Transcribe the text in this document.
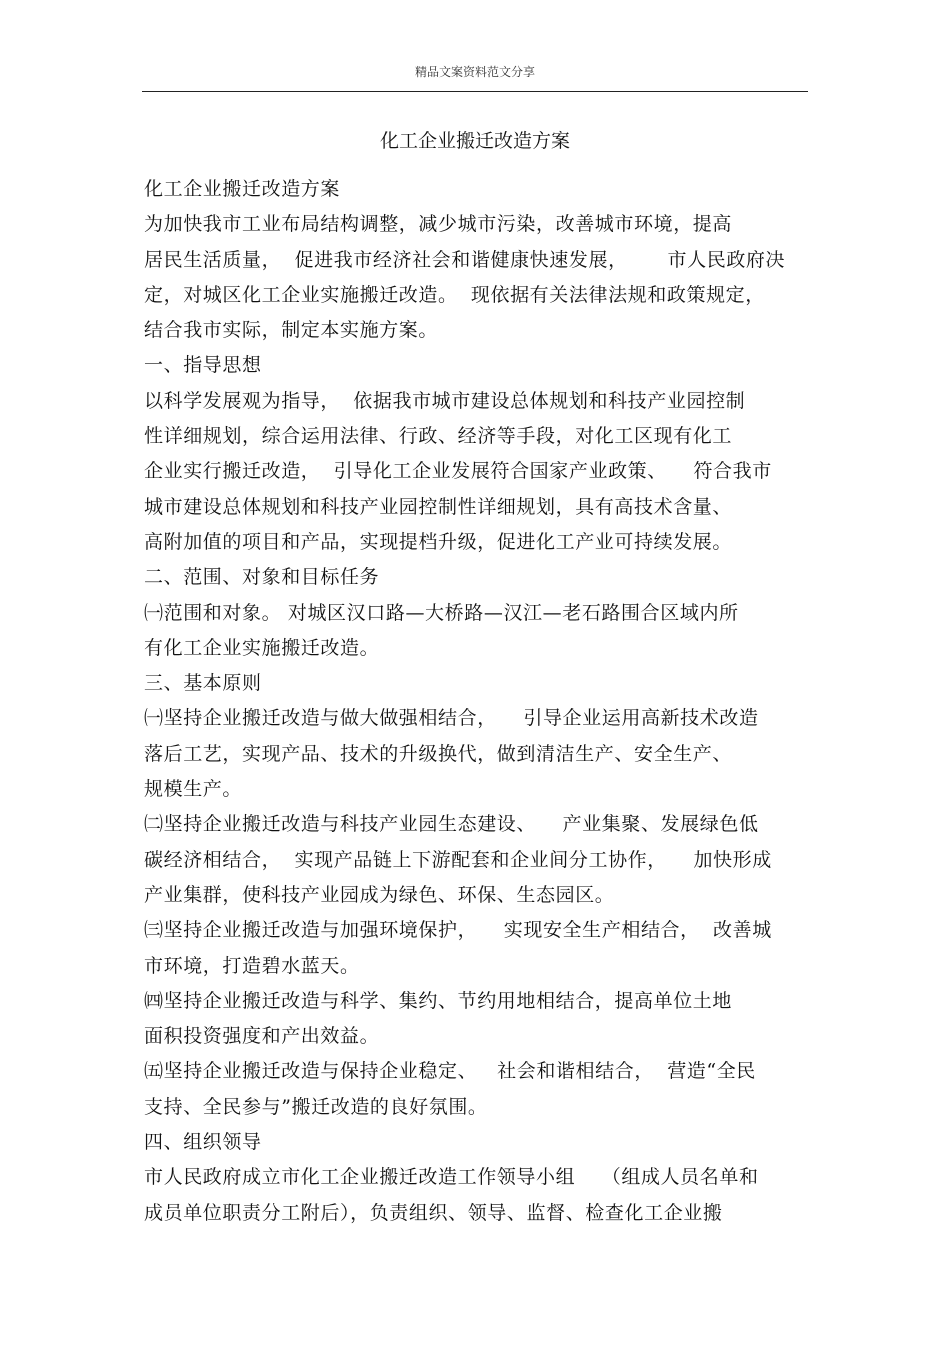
精品文案资料范文分享
化工企业搬迁改造方案
化工企业搬迁改造方案
为加快我市工业布局结构调整，减少城市污染，改善城市环境，提高
居民生活质量，  促进我市经济社会和谐健康快速发展，      市人民政府决
定，对城区化工企业实施搬迁改造。  现依据有关法律法规和政策规定，
结合我市实际，制定本实施方案。
一、指导思想
以科学发展观为指导，  依据我市城市建设总体规划和科技产业园控制
性详细规划，综合运用法律、行政、经济等手段，对化工区现有化工
企业实行搬迁改造，  引导化工企业发展符合国家产业政策、    符合我市
城市建设总体规划和科技产业园控制性详细规划，具有高技术含量、
高附加值的项目和产品，实现提档升级，促进化工产业可持续发展。
二、范围、对象和目标任务
㈠范围和对象。 对城区汉口路—大桥路—汉江—老石路围合区域内所
有化工企业实施搬迁改造。
三、基本原则
㈠坚持企业搬迁改造与做大做强相结合，    引导企业运用高新技术改造
落后工艺，实现产品、技术的升级换代，做到清洁生产、安全生产、
规模生产。
㈡坚持企业搬迁改造与科技产业园生态建设、    产业集聚、发展绿色低
碳经济相结合，  实现产品链上下游配套和企业间分工协作，    加快形成
产业集群，使科技产业园成为绿色、环保、生态园区。
㈢坚持企业搬迁改造与加强环境保护，    实现安全生产相结合，  改善城
市环境，打造碧水蓝天。
㈣坚持企业搬迁改造与科学、集约、节约用地相结合，提高单位土地
面积投资强度和产出效益。
㈤坚持企业搬迁改造与保持企业稳定、   社会和谐相结合，  营造“全民
支持、全民参与”搬迁改造的良好氛围。
四、组织领导
市人民政府成立市化工企业搬迁改造工作领导小组    （组成人员名单和
成员单位职责分工附后），负责组织、领导、监督、检查化工企业搬
